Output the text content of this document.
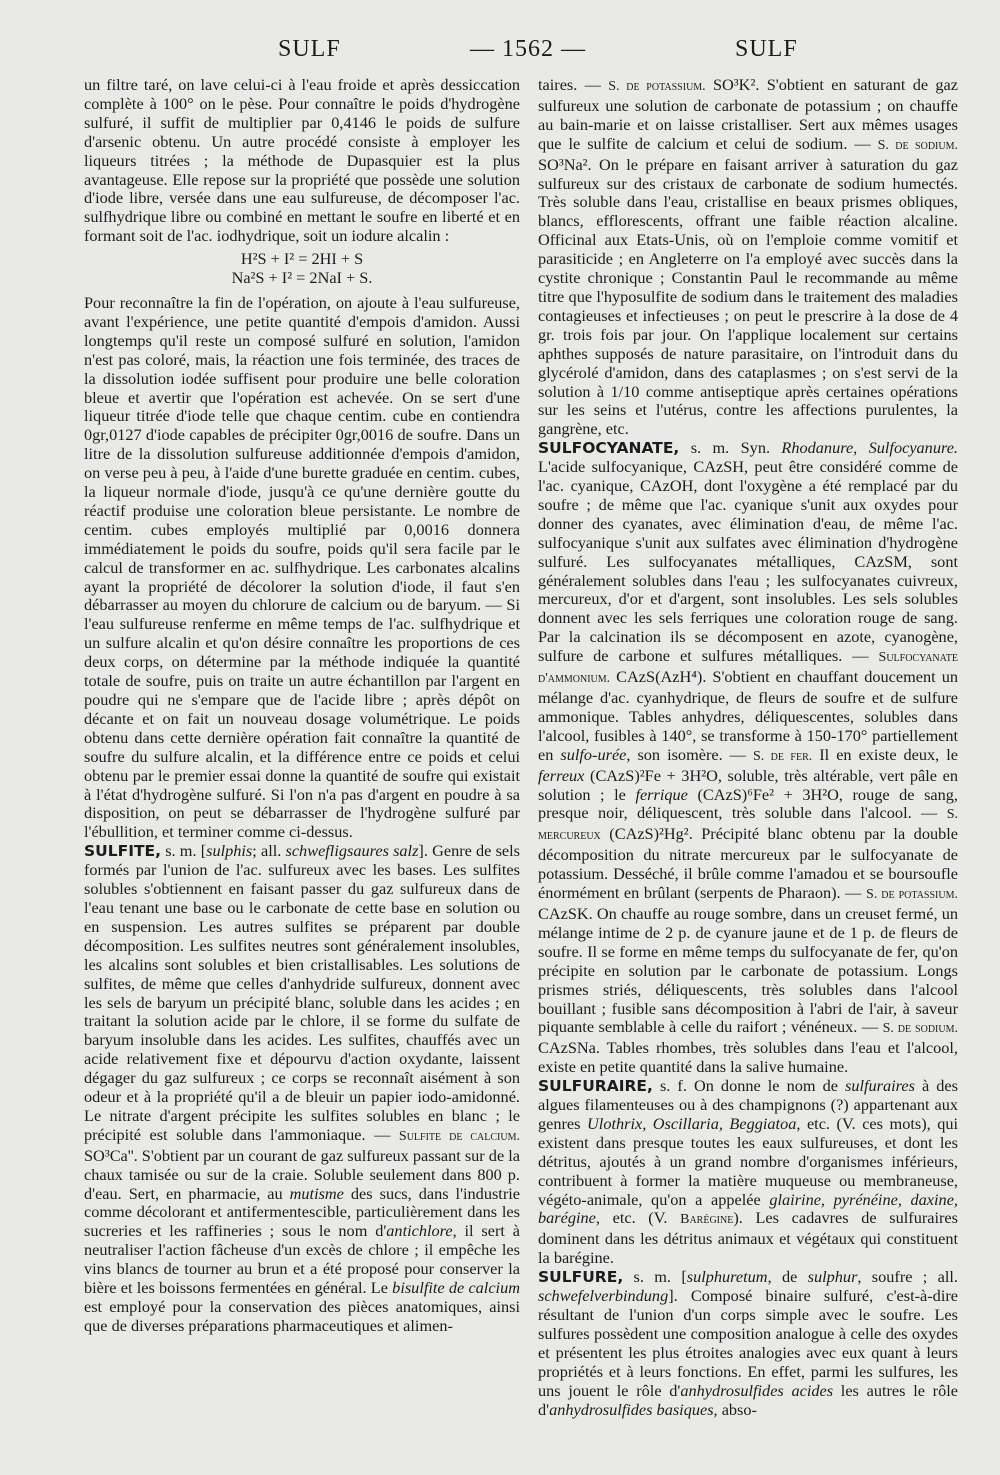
SULF	— 1562 —	SULF

un filtre taré, on lave celui-ci à l'eau froide et après dessiccation complète à 100° on le pèse. Pour connaître le poids d'hydrogène sulfuré, il suffit de multiplier par 0,4146 le poids de sulfure d'arsenic obtenu. Un autre procédé consiste à employer les liqueurs titrées ; la méthode de Dupasquier est la plus avantageuse. Elle repose sur la propriété que possède une solution d'iode libre, versée dans une eau sulfureuse, de décomposer l'ac. sulfhydrique libre ou combiné en mettant le soufre en liberté et en formant soit de l'ac. iodhydrique, soit un iodure alcalin :

H²S + I² = 2HI + S
Na²S + I² = 2NaI + S.

Pour reconnaître la fin de l'opération, on ajoute à l'eau sulfureuse, avant l'expérience, une petite quantité d'empois d'amidon. Aussi longtemps qu'il reste un composé sulfuré en solution, l'amidon n'est pas coloré, mais, la réaction une fois terminée, des traces de la dissolution iodée suffisent pour produire une belle coloration bleue et avertir que l'opération est achevée. On se sert d'une liqueur titrée d'iode telle que chaque centim. cube en contiendra 0gr,0127 d'iode capables de précipiter 0gr,0016 de soufre. Dans un litre de la dissolution sulfureuse additionnée d'empois d'amidon, on verse peu à peu, à l'aide d'une burette graduée en centim. cubes, la liqueur normale d'iode, jusqu'à ce qu'une dernière goutte du réactif produise une coloration bleue persistante. Le nombre de centim. cubes employés multiplié par 0,0016 donnera immédiatement le poids du soufre, poids qu'il sera facile par le calcul de transformer en ac. sulfhydrique. Les carbonates alcalins ayant la propriété de décolorer la solution d'iode, il faut s'en débarrasser au moyen du chlorure de calcium ou de baryum. — Si l'eau sulfureuse renferme en même temps de l'ac. sulfhydrique et un sulfure alcalin et qu'on désire connaître les proportions de ces deux corps, on détermine par la méthode indiquée la quantité totale de soufre, puis on traite un autre échantillon par l'argent en poudre qui ne s'empare que de l'acide libre ; après dépôt on décante et on fait un nouveau dosage volumétrique. Le poids obtenu dans cette dernière opération fait connaître la quantité de soufre du sulfure alcalin, et la différence entre ce poids et celui obtenu par le premier essai donne la quantité de soufre qui existait à l'état d'hydrogène sulfuré. Si l'on n'a pas d'argent en poudre à sa disposition, on peut se débarrasser de l'hydrogène sulfuré par l'ébullition, et terminer comme ci-dessus.

SULFITE, s. m. [sulphis; all. schwefligsaures salz]. Genre de sels formés par l'union de l'ac. sulfureux avec les bases. Les sulfites solubles s'obtiennent en faisant passer du gaz sulfureux dans de l'eau tenant une base ou le carbonate de cette base en solution ou en suspension. Les autres sulfites se préparent par double décomposition. Les sulfites neutres sont généralement insolubles, les alcalins sont solubles et bien cristallisables. Les solutions de sulfites, de même que celles d'anhydride sulfureux, donnent avec les sels de baryum un précipité blanc, soluble dans les acides ; en traitant la solution acide par le chlore, il se forme du sulfate de baryum insoluble dans les acides. Les sulfites, chauffés avec un acide relativement fixe et dépourvu d'action oxydante, laissent dégager du gaz sulfureux ; ce corps se reconnaît aisément à son odeur et à la propriété qu'il a de bleuir un papier iodo-amidonné. Le nitrate d'argent précipite les sulfites solubles en blanc ; le précipité est soluble dans l'ammoniaque. — Sulfite de calcium. SO³Ca''. S'obtient par un courant de gaz sulfureux passant sur de la chaux tamisée ou sur de la craie. Soluble seulement dans 800 p. d'eau. Sert, en pharmacie, au mutisme des sucs, dans l'industrie comme décolorant et antifermentescible, particulièrement dans les sucreries et les raffineries ; sous le nom d'antichlore, il sert à neutraliser l'action fâcheuse d'un excès de chlore ; il empêche les vins blancs de tourner au brun et a été proposé pour conserver la bière et les boissons fermentées en général. Le bisulfite de calcium est employé pour la conservation des pièces anatomiques, ainsi que de diverses préparations pharmaceutiques et alimen-

taires. — S. de potassium. SO³K². S'obtient en saturant de gaz sulfureux une solution de carbonate de potassium ; on chauffe au bain-marie et on laisse cristalliser. Sert aux mêmes usages que le sulfite de calcium et celui de sodium. — S. de sodium. SO³Na². On le prépare en faisant arriver à saturation du gaz sulfureux sur des cristaux de carbonate de sodium humectés. Très soluble dans l'eau, cristallise en beaux prismes obliques, blancs, efflorescents, offrant une faible réaction alcaline. Officinal aux Etats-Unis, où on l'emploie comme vomitif et parasiticide ; en Angleterre on l'a employé avec succès dans la cystite chronique ; Constantin Paul le recommande au même titre que l'hyposulfite de sodium dans le traitement des maladies contagieuses et infectieuses ; on peut le prescrire à la dose de 4 gr. trois fois par jour. On l'applique localement sur certains aphthes supposés de nature parasitaire, on l'introduit dans du glycérolé d'amidon, dans des cataplasmes ; on s'est servi de la solution à 1/10 comme antiseptique après certaines opérations sur les seins et l'utérus, contre les affections purulentes, la gangrène, etc.

SULFOCYANATE, s. m. Syn. Rhodanure, Sulfocyanure. L'acide sulfocyanique, CAzSH, peut être considéré comme de l'ac. cyanique, CAzOH, dont l'oxygène a été remplacé par du soufre ; de même que l'ac. cyanique s'unit aux oxydes pour donner des cyanates, avec élimination d'eau, de même l'ac. sulfocyanique s'unit aux sulfates avec élimination d'hydrogène sulfuré. Les sulfocyanates métalliques, CAzSM, sont généralement solubles dans l'eau ; les sulfocyanates cuivreux, mercureux, d'or et d'argent, sont insolubles. Les sels solubles donnent avec les sels ferriques une coloration rouge de sang. Par la calcination ils se décomposent en azote, cyanogène, sulfure de carbone et sulfures métalliques. — Sulfocyanate d'ammonium. CAzS(AzH⁴). S'obtient en chauffant doucement un mélange d'ac. cyanhydrique, de fleurs de soufre et de sulfure ammonique. Tables anhydres, déliquescentes, solubles dans l'alcool, fusibles à 140°, se transforme à 150-170° partiellement en sulfo-urée, son isomère. — S. de fer. Il en existe deux, le ferreux (CAzS)²Fe + 3H²O, soluble, très altérable, vert pâle en solution ; le ferrique (CAzS)⁶Fe² + 3H²O, rouge de sang, presque noir, déliquescent, très soluble dans l'alcool. — S. mercureux (CAzS)²Hg². Précipité blanc obtenu par la double décomposition du nitrate mercureux par le sulfocyanate de potassium. Desséché, il brûle comme l'amadou et se boursoufle énormément en brûlant (serpents de Pharaon). — S. de potassium. CAzSK. On chauffe au rouge sombre, dans un creuset fermé, un mélange intime de 2 p. de cyanure jaune et de 1 p. de fleurs de soufre. Il se forme en même temps du sulfocyanate de fer, qu'on précipite en solution par le carbonate de potassium. Longs prismes striés, déliquescents, très solubles dans l'alcool bouillant ; fusible sans décomposition à l'abri de l'air, à saveur piquante semblable à celle du raifort ; vénéneux. — S. de sodium. CAzSNa. Tables rhombes, très solubles dans l'eau et l'alcool, existe en petite quantité dans la salive humaine.

SULFURAIRE, s. f. On donne le nom de sulfuraires à des algues filamenteuses ou à des champignons (?) appartenant aux genres Ulothrix, Oscillaria, Beggiatoa, etc. (V. ces mots), qui existent dans presque toutes les eaux sulfureuses, et dont les détritus, ajoutés à un grand nombre d'organismes inférieurs, contribuent à former la matière muqueuse ou membraneuse, végéto-animale, qu'on a appelée glairine, pyrénéine, daxine, barégine, etc. (V. Barégine). Les cadavres de sulfuraires dominent dans les détritus animaux et végétaux qui constituent la barégine.

SULFURE, s. m. [sulphuretum, de sulphur, soufre ; all. schwefelverbindung]. Composé binaire sulfuré, c'est-à-dire résultant de l'union d'un corps simple avec le soufre. Les sulfures possèdent une composition analogue à celle des oxydes et présentent les plus étroites analogies avec eux quant à leurs propriétés et à leurs fonctions. En effet, parmi les sulfures, les uns jouent le rôle d'anhydrosulfides acides les autres le rôle d'anhydrosulfides basiques, abso-
